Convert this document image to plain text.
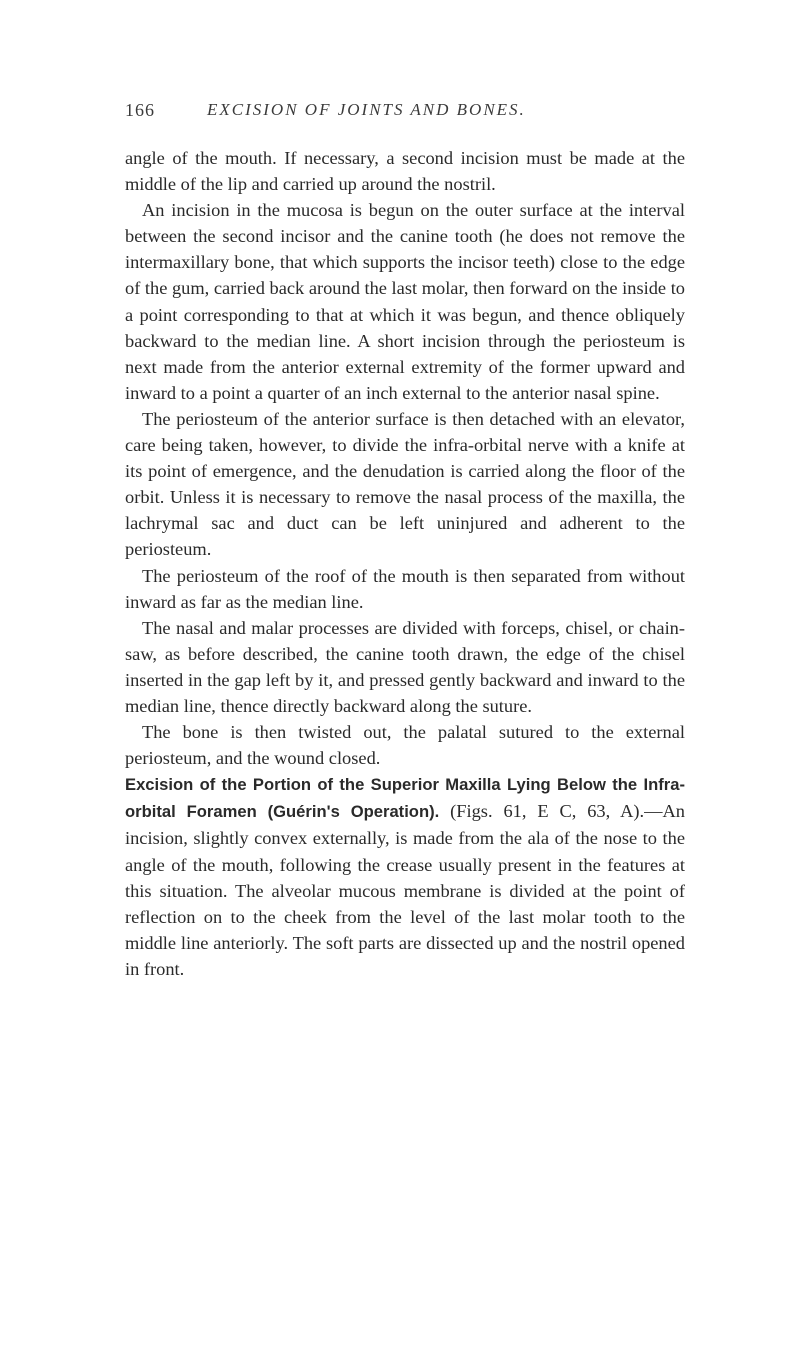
166	EXCISION OF JOINTS AND BONES.

angle of the mouth. If necessary, a second incision must be made at the middle of the lip and carried up around the nostril.

An incision in the mucosa is begun on the outer surface at the interval between the second incisor and the canine tooth (he does not remove the intermaxillary bone, that which supports the incisor teeth) close to the edge of the gum, carried back around the last molar, then forward on the inside to a point corresponding to that at which it was begun, and thence obliquely backward to the median line. A short incision through the periosteum is next made from the anterior external extremity of the former upward and inward to a point a quarter of an inch external to the anterior nasal spine.

The periosteum of the anterior surface is then detached with an elevator, care being taken, however, to divide the infra-orbital nerve with a knife at its point of emergence, and the denudation is carried along the floor of the orbit. Unless it is necessary to remove the nasal process of the maxilla, the lachrymal sac and duct can be left uninjured and adherent to the periosteum.

The periosteum of the roof of the mouth is then separated from without inward as far as the median line.

The nasal and malar processes are divided with forceps, chisel, or chain-saw, as before described, the canine tooth drawn, the edge of the chisel inserted in the gap left by it, and pressed gently backward and inward to the median line, thence directly backward along the suture.

The bone is then twisted out, the palatal sutured to the external periosteum, and the wound closed.

Excision of the Portion of the Superior Maxilla Lying Below the Infra-orbital Foramen (Guérin's Operation). (Figs. 61, E C, 63, A).—An incision, slightly convex externally, is made from the ala of the nose to the angle of the mouth, following the crease usually present in the features at this situation. The alveolar mucous membrane is divided at the point of reflection on to the cheek from the level of the last molar tooth to the middle line anteriorly. The soft parts are dissected up and the nostril opened in front.
